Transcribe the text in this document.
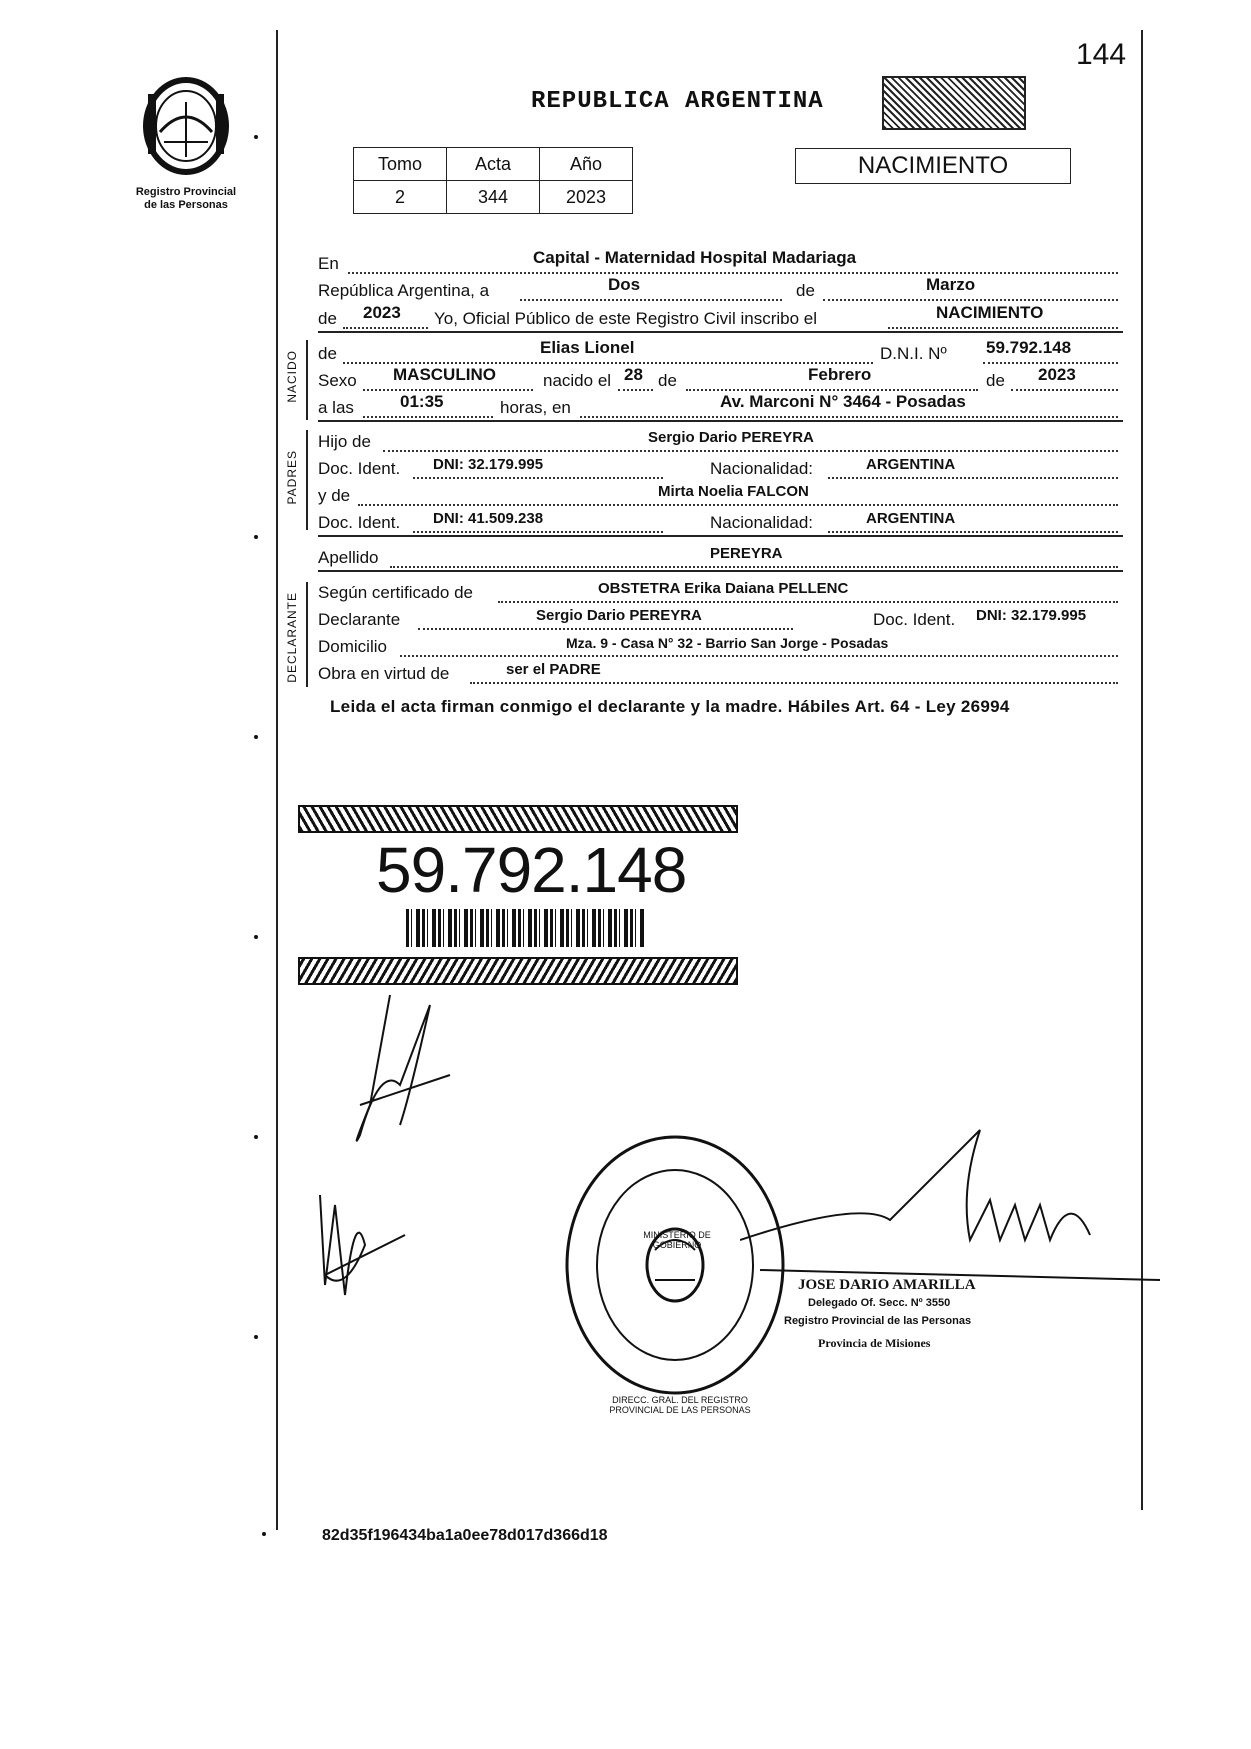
144
Registro Provincial
de las Personas
REPUBLICA ARGENTINA
Tomo	Acta	Año
2	344	2023
NACIMIENTO
En	Capital - Maternidad Hospital Madariaga
República Argentina, a	Dos	de	Marzo
de 2023 Yo, Oficial Público de este Registro Civil inscribo el	NACIMIENTO
de	Elias Lionel	D.N.I. Nº 59.792.148
Sexo MASCULINO	nacido el 28 de	Febrero	de 2023
a las	01:35	horas, en	Av. Marconi N° 3464 - Posadas
Hijo de	Sergio Dario PEREYRA
Doc. Ident. DNI: 32.179.995	Nacionalidad:	ARGENTINA
y de	Mirta Noelia FALCON
Doc. Ident. DNI: 41.509.238	Nacionalidad:	ARGENTINA
Apellido	PEREYRA
Según certificado de	OBSTETRA Erika Daiana PELLENC
Declarante	Sergio Dario PEREYRA	Doc. Ident. DNI: 32.179.995
Domicilio	Mza. 9 - Casa N° 32 - Barrio San Jorge - Posadas
Obra en virtud de	ser el PADRE
NACIDO
PADRES
DECLARANTE
Leida el acta firman conmigo el declarante y la madre. Hábiles Art. 64 - Ley 26994
59.792.148
DIRECC. GRAL. DEL REGISTRO PROVINCIAL DE LAS PERSONAS
MINISTERIO DE GOBIERNO
JOSE DARIO AMARILLA
Delegado Of. Secc. Nº 3550
Registro Provincial de las Personas
Provincia de Misiones
82d35f196434ba1a0ee78d017d366d18
